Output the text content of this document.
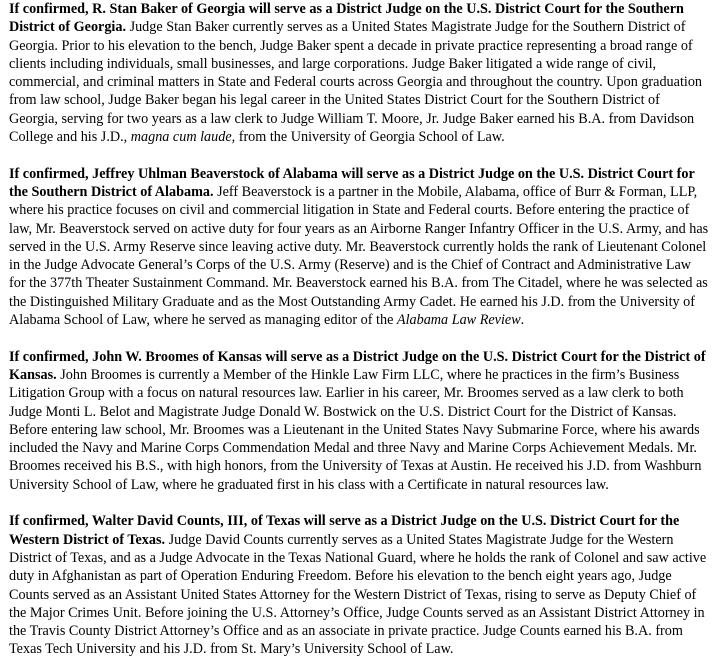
If confirmed, R. Stan Baker of Georgia will serve as a District Judge on the U.S. District Court for the Southern District of Georgia. Judge Stan Baker currently serves as a United States Magistrate Judge for the Southern District of Georgia. Prior to his elevation to the bench, Judge Baker spent a decade in private practice representing a broad range of clients including individuals, small businesses, and large corporations. Judge Baker litigated a wide range of civil, commercial, and criminal matters in State and Federal courts across Georgia and throughout the country. Upon graduation from law school, Judge Baker began his legal career in the United States District Court for the Southern District of Georgia, serving for two years as a law clerk to Judge William T. Moore, Jr. Judge Baker earned his B.A. from Davidson College and his J.D., magna cum laude, from the University of Georgia School of Law.

If confirmed, Jeffrey Uhlman Beaverstock of Alabama will serve as a District Judge on the U.S. District Court for the Southern District of Alabama. Jeff Beaverstock is a partner in the Mobile, Alabama, office of Burr & Forman, LLP, where his practice focuses on civil and commercial litigation in State and Federal courts. Before entering the practice of law, Mr. Beaverstock served on active duty for four years as an Airborne Ranger Infantry Officer in the U.S. Army, and has served in the U.S. Army Reserve since leaving active duty. Mr. Beaverstock currently holds the rank of Lieutenant Colonel in the Judge Advocate General’s Corps of the U.S. Army (Reserve) and is the Chief of Contract and Administrative Law for the 377th Theater Sustainment Command. Mr. Beaverstock earned his B.A. from The Citadel, where he was selected as the Distinguished Military Graduate and as the Most Outstanding Army Cadet. He earned his J.D. from the University of Alabama School of Law, where he served as managing editor of the Alabama Law Review.

If confirmed, John W. Broomes of Kansas will serve as a District Judge on the U.S. District Court for the District of Kansas. John Broomes is currently a Member of the Hinkle Law Firm LLC, where he practices in the firm’s Business Litigation Group with a focus on natural resources law. Earlier in his career, Mr. Broomes served as a law clerk to both Judge Monti L. Belot and Magistrate Judge Donald W. Bostwick on the U.S. District Court for the District of Kansas. Before entering law school, Mr. Broomes was a Lieutenant in the United States Navy Submarine Force, where his awards included the Navy and Marine Corps Commendation Medal and three Navy and Marine Corps Achievement Medals. Mr. Broomes received his B.S., with high honors, from the University of Texas at Austin. He received his J.D. from Washburn University School of Law, where he graduated first in his class with a Certificate in natural resources law.

If confirmed, Walter David Counts, III, of Texas will serve as a District Judge on the U.S. District Court for the Western District of Texas. Judge David Counts currently serves as a United States Magistrate Judge for the Western District of Texas, and as a Judge Advocate in the Texas National Guard, where he holds the rank of Colonel and saw active duty in Afghanistan as part of Operation Enduring Freedom. Before his elevation to the bench eight years ago, Judge Counts served as an Assistant United States Attorney for the Western District of Texas, rising to serve as Deputy Chief of the Major Crimes Unit. Before joining the U.S. Attorney’s Office, Judge Counts served as an Assistant District Attorney in the Travis County District Attorney’s Office and as an associate in private practice. Judge Counts earned his B.A. from Texas Tech University and his J.D. from St. Mary’s University School of Law.
